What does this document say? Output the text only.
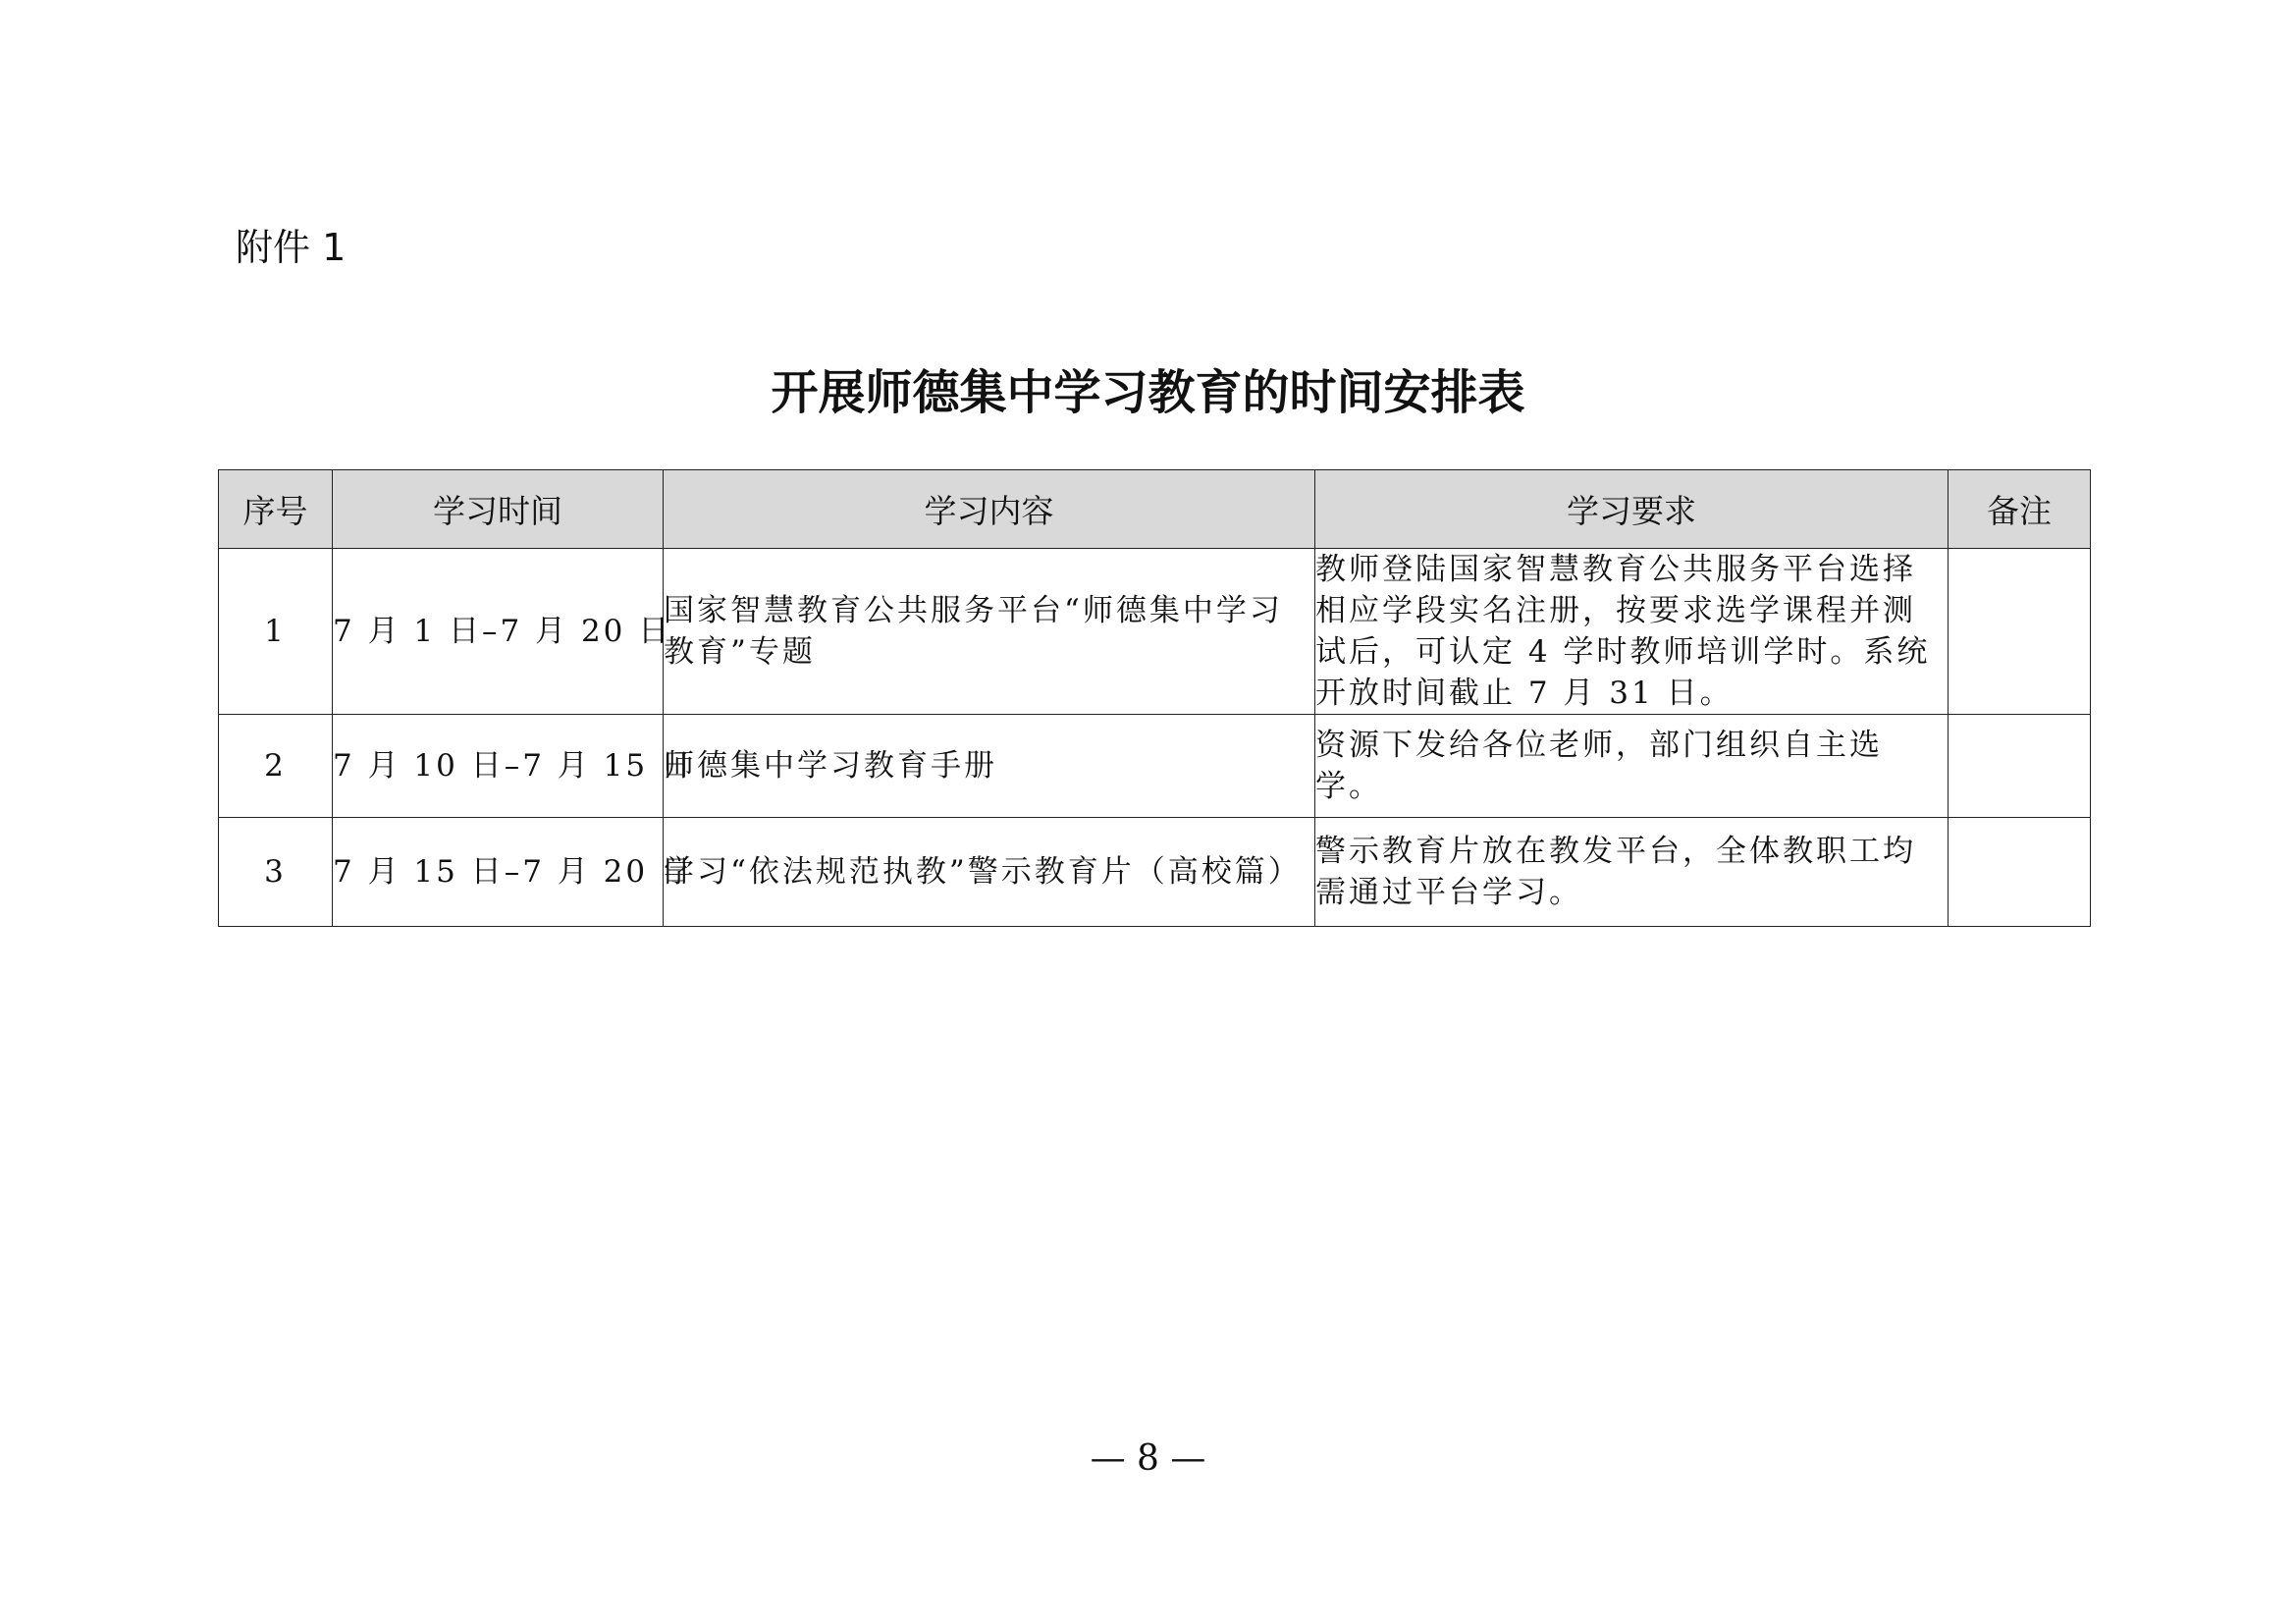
附件 1
开展师德集中学习教育的时间安排表
序号	学习时间	学习内容	学习要求	备注
1	7 月 1 日–7 月 20 日	国家智慧教育公共服务平台“师德集中学习教育”专题	教师登陆国家智慧教育公共服务平台选择相应学段实名注册，按要求选学课程并测试后，可认定 4 学时教师培训学时。系统开放时间截止 7 月 31 日。	
2	7 月 10 日–7 月 15 日	师德集中学习教育手册	资源下发给各位老师，部门组织自主选学。	
3	7 月 15 日–7 月 20 日	学习“依法规范执教”警示教育片（高校篇）	警示教育片放在教发平台，全体教职工均需通过平台学习。	
— 8 —
